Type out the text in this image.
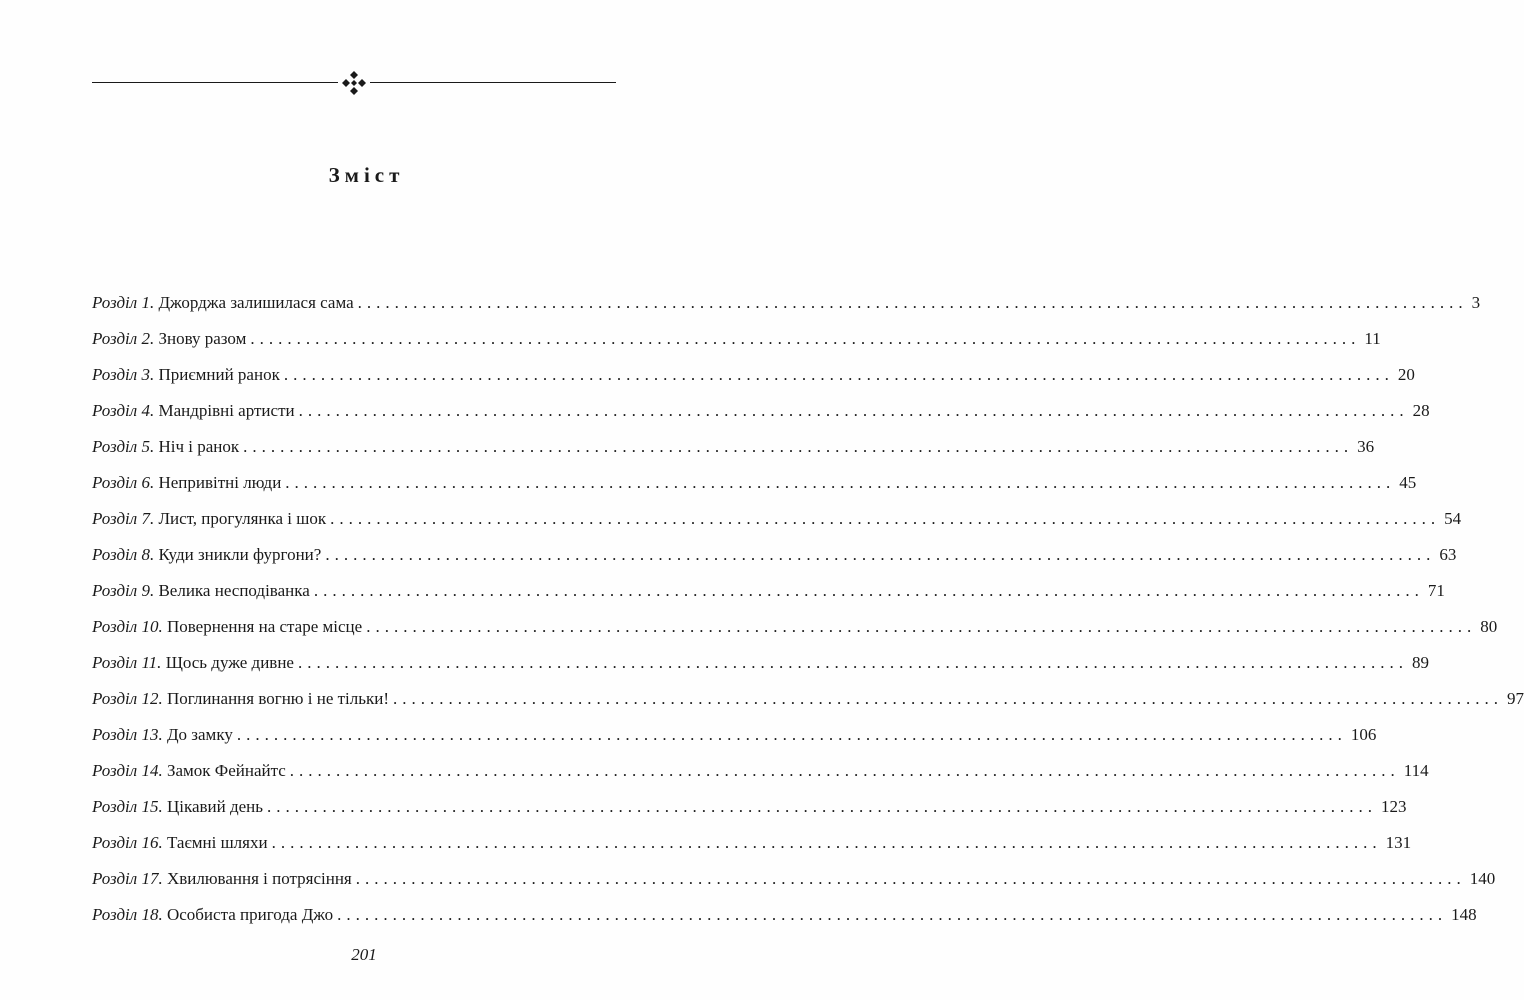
Зміст
Розділ 1. Джорджа залишилася сама ........................................................................................................................ 3
Розділ 2. Знову разом ........................................................................................................................ 11
Розділ 3. Приємний ранок ........................................................................................................................ 20
Розділ 4. Мандрівні артисти ........................................................................................................................ 28
Розділ 5. Ніч і ранок ........................................................................................................................ 36
Розділ 6. Непривітні люди ........................................................................................................................ 45
Розділ 7. Лист, прогулянка і шок ........................................................................................................................ 54
Розділ 8. Куди зникли фургони? ........................................................................................................................ 63
Розділ 9. Велика несподіванка ........................................................................................................................ 71
Розділ 10. Повернення на старе місце ........................................................................................................................ 80
Розділ 11. Щось дуже дивне ........................................................................................................................ 89
Розділ 12. Поглинання вогню і не тільки! ........................................................................................................................ 97
Розділ 13. До замку ........................................................................................................................ 106
Розділ 14. Замок Фейнайтс ........................................................................................................................ 114
Розділ 15. Цікавий день ........................................................................................................................ 123
Розділ 16. Таємні шляхи ........................................................................................................................ 131
Розділ 17. Хвилювання і потрясіння ........................................................................................................................ 140
Розділ 18. Особиста пригода Джо ........................................................................................................................ 148
201
